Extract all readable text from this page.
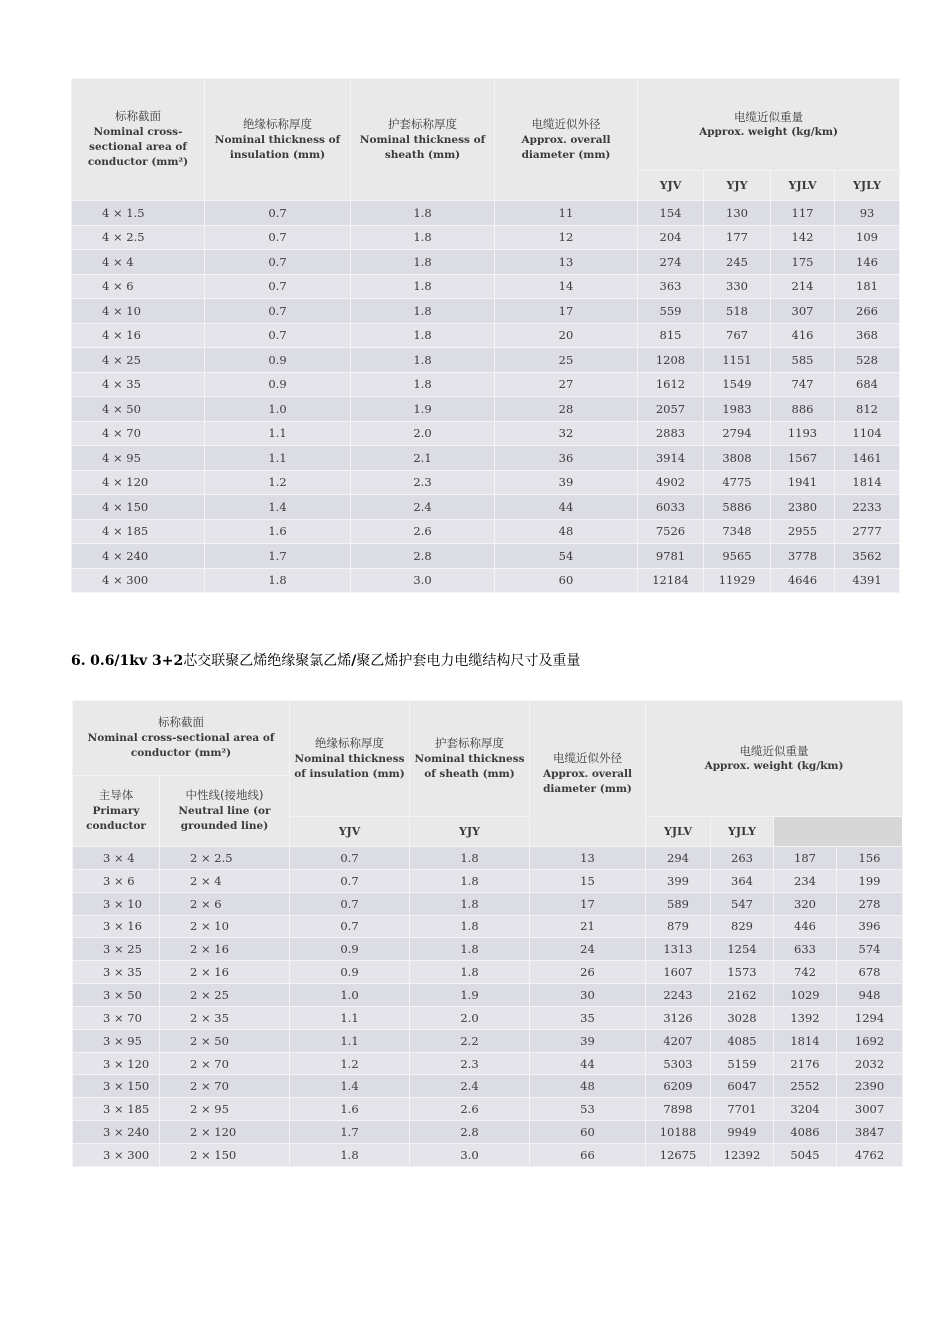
标称截面
Nominal cross-sectional area of conductor (mm²)	绝缘标称厚度
Nominal thickness of insulation (mm)	护套标称厚度
Nominal thickness of sheath (mm)	电缆近似外径
Approx. overall diameter (mm)	电缆近似重量
Approx. weight (kg/km)			

				YJV	YJY	YJLV	YJLY
4 × 1.5	0.7	1.8	11	154	130	117	93
4 × 2.5	0.7	1.8	12	204	177	142	109
4 × 4	0.7	1.8	13	274	245	175	146
4 × 6	0.7	1.8	14	363	330	214	181
4 × 10	0.7	1.8	17	559	518	307	266
4 × 16	0.7	1.8	20	815	767	416	368
4 × 25	0.9	1.8	25	1208	1151	585	528
4 × 35	0.9	1.8	27	1612	1549	747	684
4 × 50	1.0	1.9	28	2057	1983	886	812
4 × 70	1.1	2.0	32	2883	2794	1193	1104
4 × 95	1.1	2.1	36	3914	3808	1567	1461
4 × 120	1.2	2.3	39	4902	4775	1941	1814
4 × 150	1.4	2.4	44	6033	5886	2380	2233
4 × 185	1.6	2.6	48	7526	7348	2955	2777
4 × 240	1.7	2.8	54	9781	9565	3778	3562
4 × 300	1.8	3.0	60	12184	11929	4646	4391
6. 0.6/1kv 3+2芯交联聚乙烯绝缘聚氯乙烯/聚乙烯护套电力电缆结构尺寸及重量
标称截面
Nominal cross-sectional area of conductor (mm²)		绝缘标称厚度
Nominal thickness of insulation (mm)	护套标称厚度
Nominal thickness of sheath (mm)	电缆近似外径
Approx. overall diameter (mm)	电缆近似重量
Approx. weight (kg/km)			

主导体
Primary conductor	中性线(接地线)
Neutral line (or grounded line)							

		YJV	YJY		YJLV	YJLY		
3 × 4	2 × 2.5	0.7	1.8	13	294	263	187	156
3 × 6	2 × 4	0.7	1.8	15	399	364	234	199
3 × 10	2 × 6	0.7	1.8	17	589	547	320	278
3 × 16	2 × 10	0.7	1.8	21	879	829	446	396
3 × 25	2 × 16	0.9	1.8	24	1313	1254	633	574
3 × 35	2 × 16	0.9	1.8	26	1607	1573	742	678
3 × 50	2 × 25	1.0	1.9	30	2243	2162	1029	948
3 × 70	2 × 35	1.1	2.0	35	3126	3028	1392	1294
3 × 95	2 × 50	1.1	2.2	39	4207	4085	1814	1692
3 × 120	2 × 70	1.2	2.3	44	5303	5159	2176	2032
3 × 150	2 × 70	1.4	2.4	48	6209	6047	2552	2390
3 × 185	2 × 95	1.6	2.6	53	7898	7701	3204	3007
3 × 240	2 × 120	1.7	2.8	60	10188	9949	4086	3847
3 × 300	2 × 150	1.8	3.0	66	12675	12392	5045	4762
